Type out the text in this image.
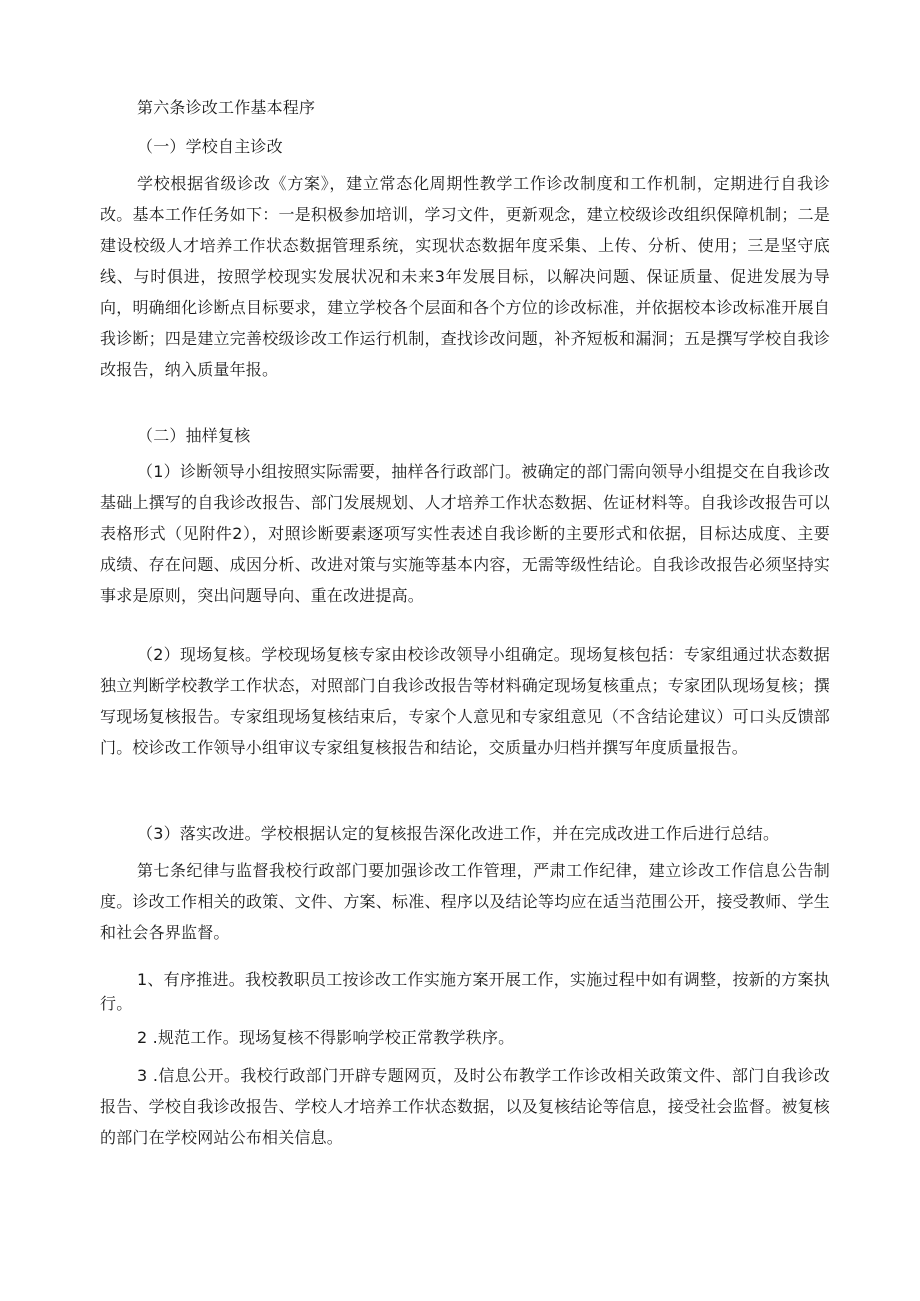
第六条诊改工作基本程序

（一）学校自主诊改

学校根据省级诊改《方案》，建立常态化周期性教学工作诊改制度和工作机制，定期进行自我诊改。基本工作任务如下：一是积极参加培训，学习文件，更新观念，建立校级诊改组织保障机制；二是建设校级人才培养工作状态数据管理系统，实现状态数据年度采集、上传、分析、使用；三是坚守底线、与时俱进，按照学校现实发展状况和未来3年发展目标，以解决问题、保证质量、促进发展为导向，明确细化诊断点目标要求，建立学校各个层面和各个方位的诊改标准，并依据校本诊改标准开展自我诊断；四是建立完善校级诊改工作运行机制，查找诊改问题，补齐短板和漏洞；五是撰写学校自我诊改报告，纳入质量年报。

（二）抽样复核

（1）诊断领导小组按照实际需要，抽样各行政部门。被确定的部门需向领导小组提交在自我诊改基础上撰写的自我诊改报告、部门发展规划、人才培养工作状态数据、佐证材料等。自我诊改报告可以表格形式（见附件2），对照诊断要素逐项写实性表述自我诊断的主要形式和依据，目标达成度、主要成绩、存在问题、成因分析、改进对策与实施等基本内容，无需等级性结论。自我诊改报告必须坚持实事求是原则，突出问题导向、重在改进提高。

（2）现场复核。学校现场复核专家由校诊改领导小组确定。现场复核包括：专家组通过状态数据独立判断学校教学工作状态，对照部门自我诊改报告等材料确定现场复核重点；专家团队现场复核；撰写现场复核报告。专家组现场复核结束后，专家个人意见和专家组意见（不含结论建议）可口头反馈部门。校诊改工作领导小组审议专家组复核报告和结论，交质量办归档并撰写年度质量报告。

（3）落实改进。学校根据认定的复核报告深化改进工作，并在完成改进工作后进行总结。

第七条纪律与监督我校行政部门要加强诊改工作管理，严肃工作纪律，建立诊改工作信息公告制度。诊改工作相关的政策、文件、方案、标准、程序以及结论等均应在适当范围公开，接受教师、学生和社会各界监督。

1、有序推进。我校教职员工按诊改工作实施方案开展工作，实施过程中如有调整，按新的方案执行。

2 .规范工作。现场复核不得影响学校正常教学秩序。

3 .信息公开。我校行政部门开辟专题网页，及时公布教学工作诊改相关政策文件、部门自我诊改报告、学校自我诊改报告、学校人才培养工作状态数据，以及复核结论等信息，接受社会监督。被复核的部门在学校网站公布相关信息。
